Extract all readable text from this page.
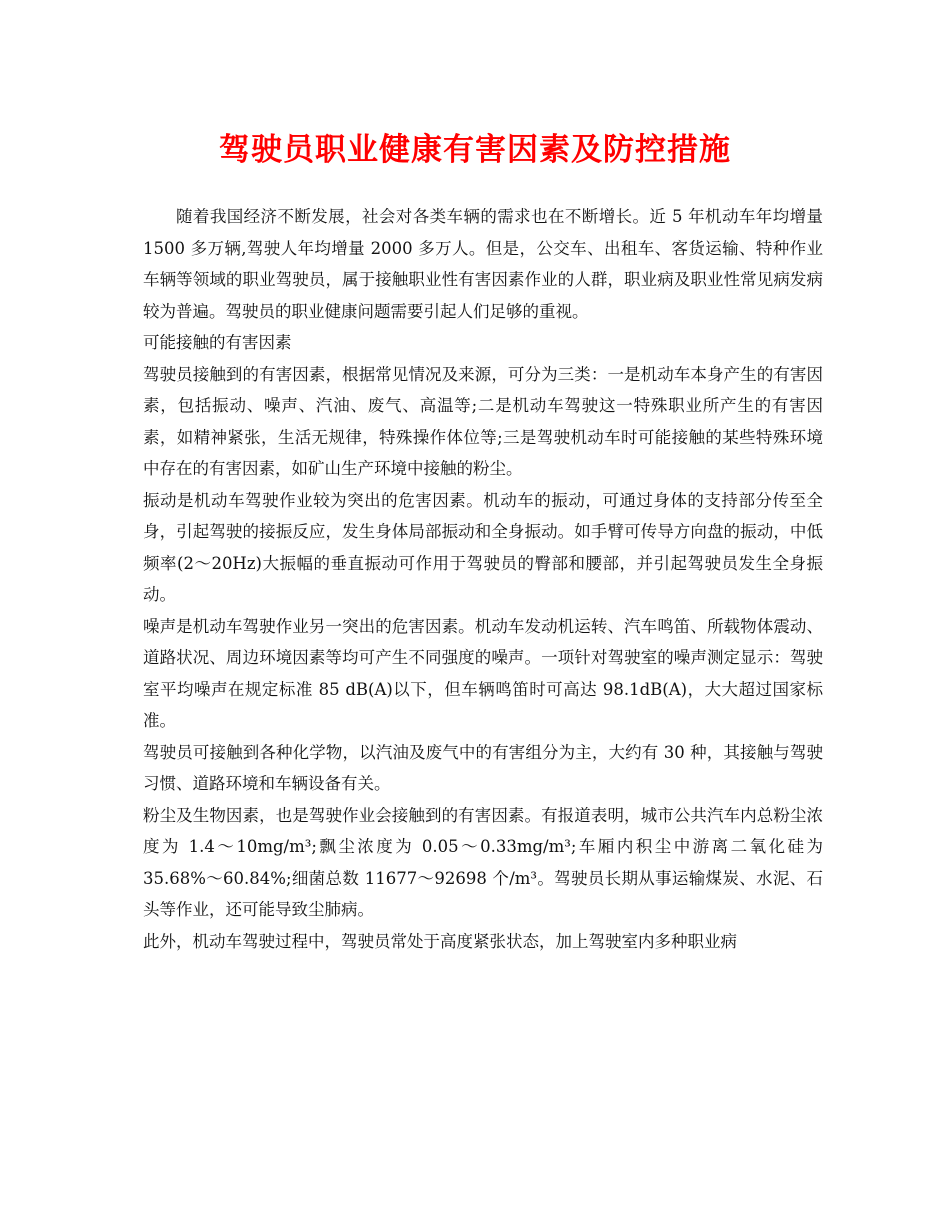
驾驶员职业健康有害因素及防控措施

随着我国经济不断发展，社会对各类车辆的需求也在不断增长。近 5 年机动车年均增量1500 多万辆,驾驶人年均增量 2000 多万人。但是，公交车、出租车、客货运输、特种作业车辆等领域的职业驾驶员，属于接触职业性有害因素作业的人群，职业病及职业性常见病发病较为普遍。驾驶员的职业健康问题需要引起人们足够的重视。

可能接触的有害因素

驾驶员接触到的有害因素，根据常见情况及来源，可分为三类：一是机动车本身产生的有害因素，包括振动、噪声、汽油、废气、高温等;二是机动车驾驶这一特殊职业所产生的有害因素，如精神紧张，生活无规律，特殊操作体位等;三是驾驶机动车时可能接触的某些特殊环境中存在的有害因素，如矿山生产环境中接触的粉尘。

振动是机动车驾驶作业较为突出的危害因素。机动车的振动，可通过身体的支持部分传至全身，引起驾驶的接振反应，发生身体局部振动和全身振动。如手臂可传导方向盘的振动，中低频率(2～20Hz)大振幅的垂直振动可作用于驾驶员的臀部和腰部，并引起驾驶员发生全身振动。

噪声是机动车驾驶作业另一突出的危害因素。机动车发动机运转、汽车鸣笛、所载物体震动、道路状况、周边环境因素等均可产生不同强度的噪声。一项针对驾驶室的噪声测定显示：驾驶室平均噪声在规定标准 85 dB(A)以下，但车辆鸣笛时可高达 98.1dB(A)，大大超过国家标准。

驾驶员可接触到各种化学物，以汽油及废气中的有害组分为主，大约有 30 种，其接触与驾驶习惯、道路环境和车辆设备有关。

粉尘及生物因素，也是驾驶作业会接触到的有害因素。有报道表明，城市公共汽车内总粉尘浓度为 1.4～10mg/m³;飘尘浓度为 0.05～0.33mg/m³;车厢内积尘中游离二氧化硅为 35.68%～60.84%;细菌总数 11677～92698 个/m³。驾驶员长期从事运输煤炭、水泥、石头等作业，还可能导致尘肺病。

此外，机动车驾驶过程中，驾驶员常处于高度紧张状态，加上驾驶室内多种职业病
